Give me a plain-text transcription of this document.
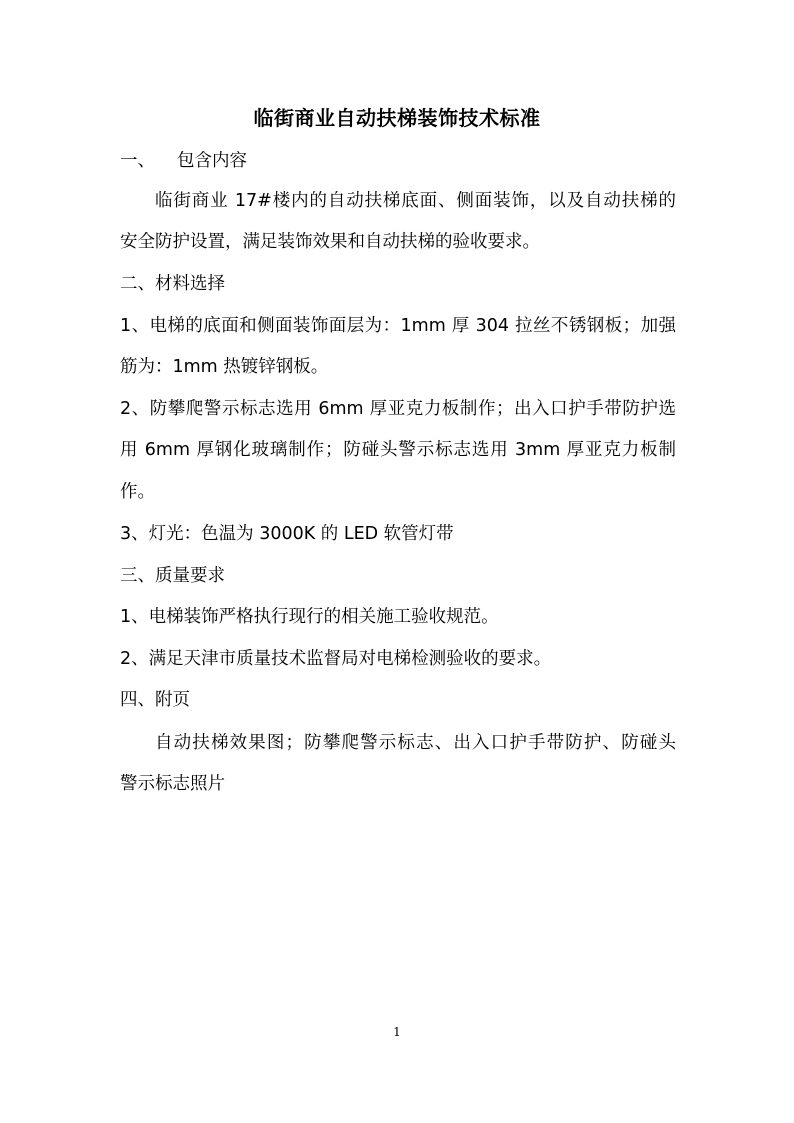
临街商业自动扶梯装饰技术标准
一、 包含内容
临街商业 17#楼内的自动扶梯底面、侧面装饰，以及自动扶梯的
安全防护设置，满足装饰效果和自动扶梯的验收要求。
二、材料选择
1、电梯的底面和侧面装饰面层为：1mm 厚 304 拉丝不锈钢板；加强
筋为：1mm 热镀锌钢板。
2、防攀爬警示标志选用 6mm 厚亚克力板制作；出入口护手带防护选
用 6mm 厚钢化玻璃制作；防碰头警示标志选用 3mm 厚亚克力板制
作。
3、灯光：色温为 3000K 的 LED 软管灯带
三、质量要求
1、电梯装饰严格执行现行的相关施工验收规范。
2、满足天津市质量技术监督局对电梯检测验收的要求。
四、附页
自动扶梯效果图；防攀爬警示标志、出入口护手带防护、防碰头
警示标志照片
1
